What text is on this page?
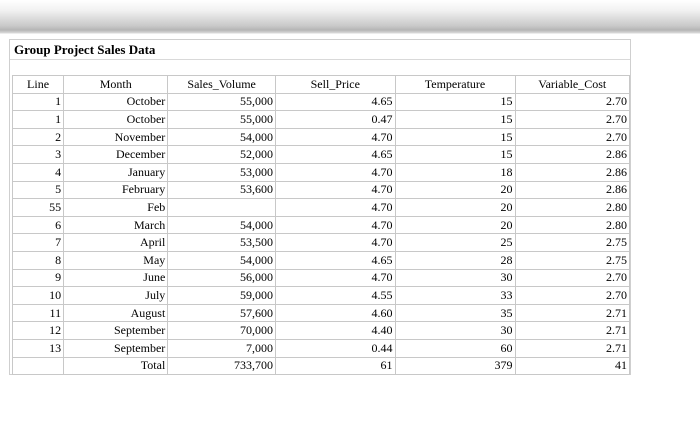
Group Project Sales Data
Line	Month	Sales_Volume	Sell_Price	Temperature	Variable_Cost
1	October	55,000	4.65	15	2.70
1	October	55,000	0.47	15	2.70
2	November	54,000	4.70	15	2.70
3	December	52,000	4.65	15	2.86
4	January	53,000	4.70	18	2.86
5	February	53,600	4.70	20	2.86
55	Feb		4.70	20	2.80
6	March	54,000	4.70	20	2.80
7	April	53,500	4.70	25	2.75
8	May	54,000	4.65	28	2.75
9	June	56,000	4.70	30	2.70
10	July	59,000	4.55	33	2.70
11	August	57,600	4.60	35	2.71
12	September	70,000	4.40	30	2.71
13	September	7,000	0.44	60	2.71
	Total	733,700	61	379	41
